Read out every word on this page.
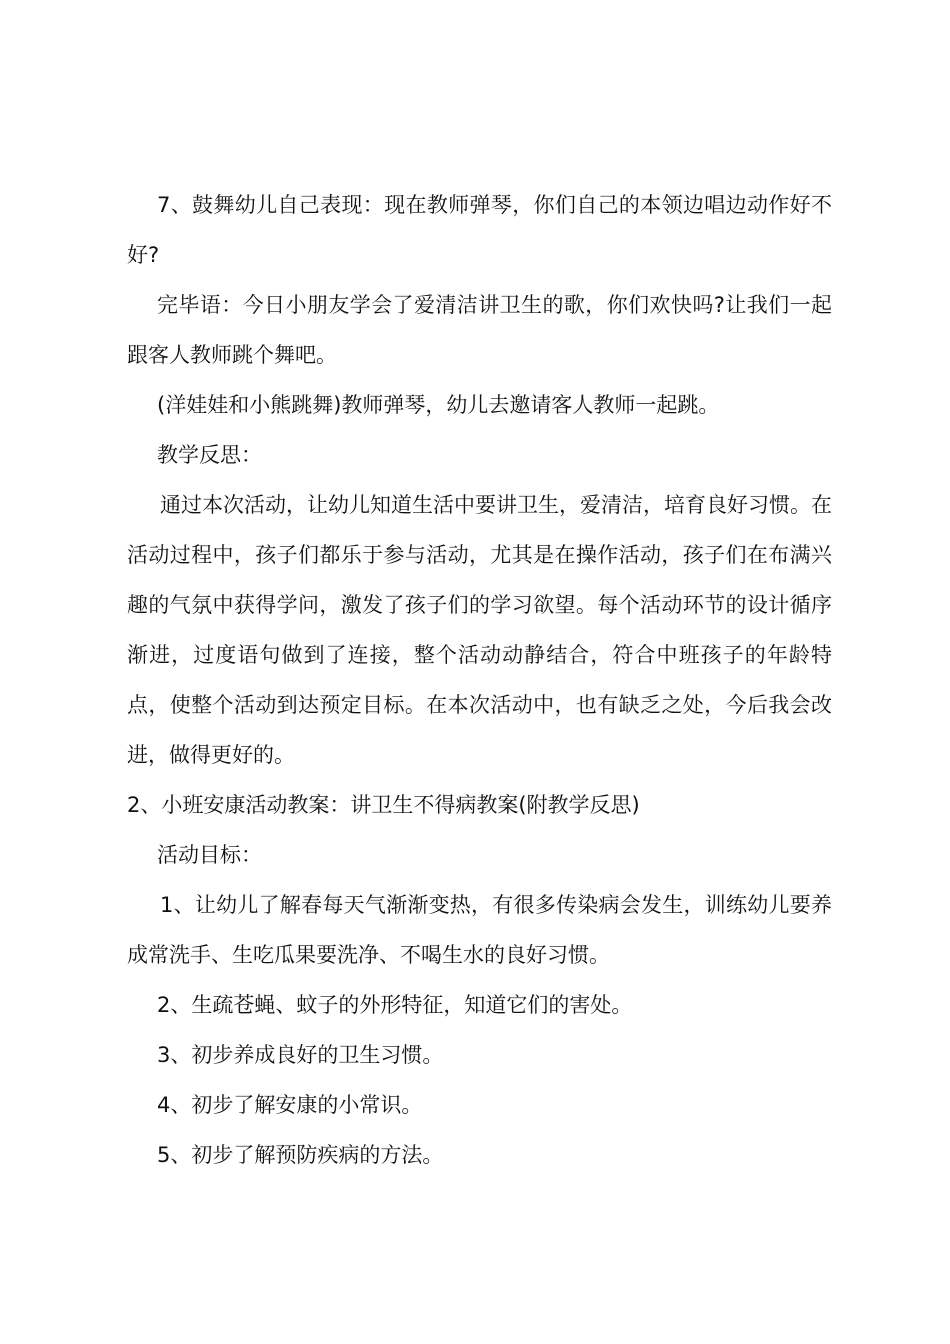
7、鼓舞幼儿自己表现：现在教师弹琴，你们自己的本领边唱边动作好不好?

完毕语：今日小朋友学会了爱清洁讲卫生的歌，你们欢快吗?让我们一起跟客人教师跳个舞吧。

(洋娃娃和小熊跳舞)教师弹琴，幼儿去邀请客人教师一起跳。

教学反思：

通过本次活动，让幼儿知道生活中要讲卫生，爱清洁，培育良好习惯。在活动过程中，孩子们都乐于参与活动，尤其是在操作活动，孩子们在布满兴趣的气氛中获得学问，激发了孩子们的学习欲望。每个活动环节的设计循序渐进，过度语句做到了连接，整个活动动静结合，符合中班孩子的年龄特点，使整个活动到达预定目标。在本次活动中，也有缺乏之处，今后我会改进，做得更好的。

2、小班安康活动教案：讲卫生不得病教案(附教学反思)

活动目标：

1、让幼儿了解春每天气渐渐变热，有很多传染病会发生，训练幼儿要养成常洗手、生吃瓜果要洗净、不喝生水的良好习惯。

2、生疏苍蝇、蚊子的外形特征，知道它们的害处。

3、初步养成良好的卫生习惯。

4、初步了解安康的小常识。

5、初步了解预防疾病的方法。
